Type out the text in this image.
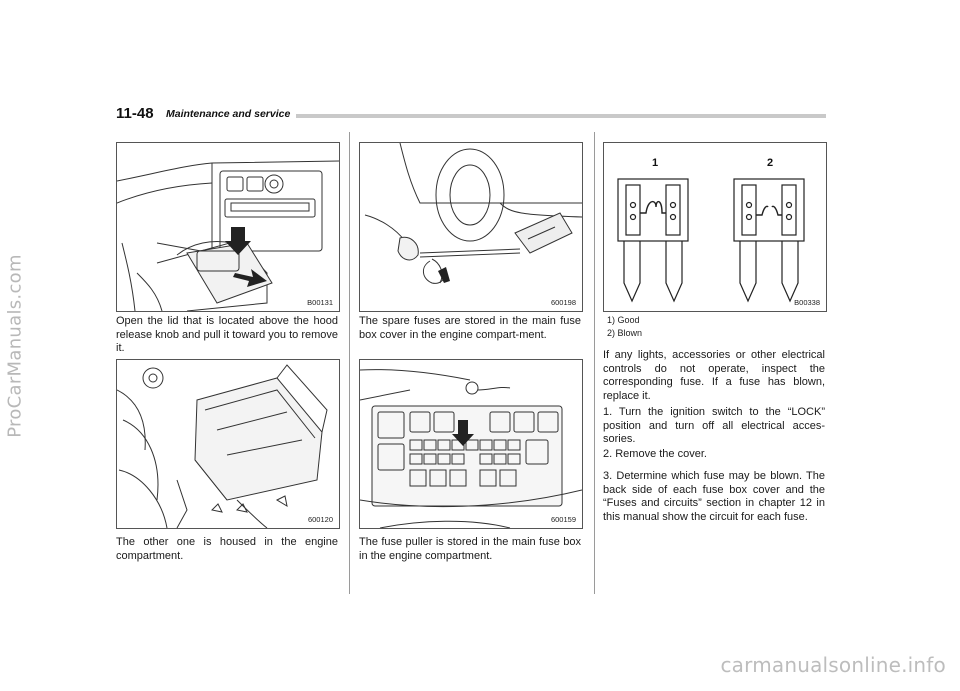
ProCarManuals.com
carmanualsonline.info
11-48 Maintenance and service
B00131

Open the lid that is located above the hood release knob and pull it toward you to remove it.

600120

The other one is housed in the engine compartment.

600198

The spare fuses are stored in the main fuse box cover in the engine compart-ment.

600159

The fuse puller is stored in the main fuse box in the engine compartment.

1	2
B00338
1) Good
2) Blown

If any lights, accessories or other electrical controls do not operate, inspect the corresponding fuse. If a fuse has blown, replace it.

1. Turn the ignition switch to the “LOCK” position and turn off all electrical acces-sories.

2. Remove the cover.

3. Determine which fuse may be blown. The back side of each fuse box cover and the “Fuses and circuits” section in chapter 12 in this manual show the circuit for each fuse.
